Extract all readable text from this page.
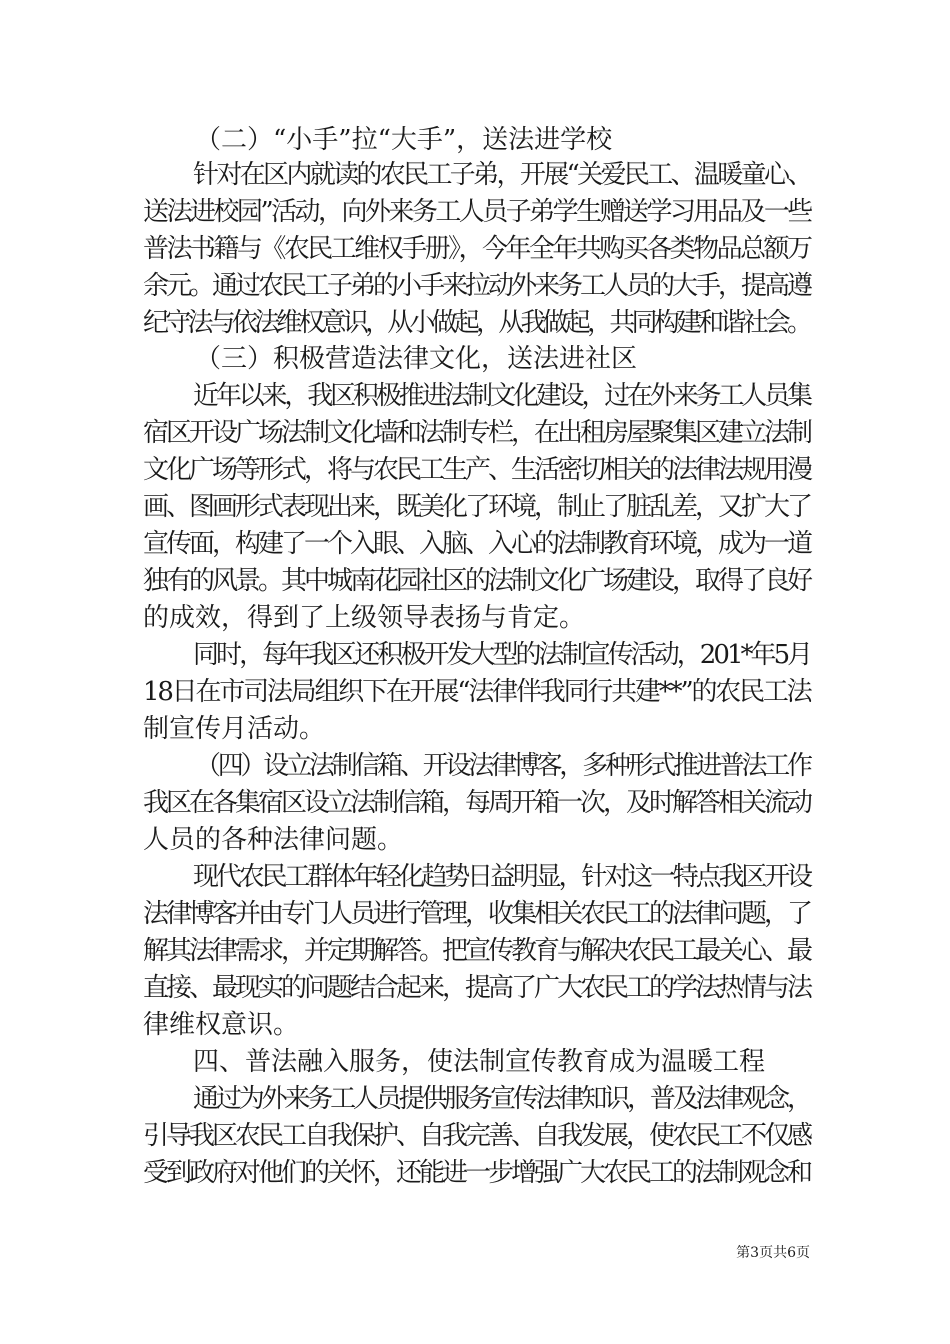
（二）“小手”拉“大手”，送法进学校
针对在区内就读的农民工子弟，开展“关爱民工、温暖童心、
送法进校园”活动，向外来务工人员子弟学生赠送学习用品及一些
普法书籍与《农民工维权手册》，今年全年共购买各类物品总额万
余元。通过农民工子弟的小手来拉动外来务工人员的大手，提高遵
纪守法与依法维权意识，从小做起，从我做起，共同构建和谐社会。
（三）积极营造法律文化，送法进社区
近年以来，我区积极推进法制文化建设，过在外来务工人员集
宿区开设广场法制文化墙和法制专栏，在出租房屋聚集区建立法制
文化广场等形式，将与农民工生产、生活密切相关的法律法规用漫
画、图画形式表现出来，既美化了环境，制止了脏乱差，又扩大了
宣传面，构建了一个入眼、入脑、入心的法制教育环境，成为一道
独有的风景。其中城南花园社区的法制文化广场建设，取得了良好
的成效，得到了上级领导表扬与肯定。
同时，每年我区还积极开发大型的法制宣传活动，201*年5月
18日在市司法局组织下在开展“法律伴我同行共建**”的农民工法
制宣传月活动。
（四）设立法制信箱、开设法律博客，多种形式推进普法工作
我区在各集宿区设立法制信箱，每周开箱一次，及时解答相关流动
人员的各种法律问题。
现代农民工群体年轻化趋势日益明显，针对这一特点我区开设
法律博客并由专门人员进行管理，收集相关农民工的法律问题，了
解其法律需求，并定期解答。把宣传教育与解决农民工最关心、最
直接、最现实的问题结合起来，提高了广大农民工的学法热情与法
律维权意识。
四、普法融入服务，使法制宣传教育成为温暖工程
通过为外来务工人员提供服务宣传法律知识，普及法律观念，
引导我区农民工自我保护、自我完善、自我发展，使农民工不仅感
受到政府对他们的关怀，还能进一步增强广大农民工的法制观念和
第3页共6页
